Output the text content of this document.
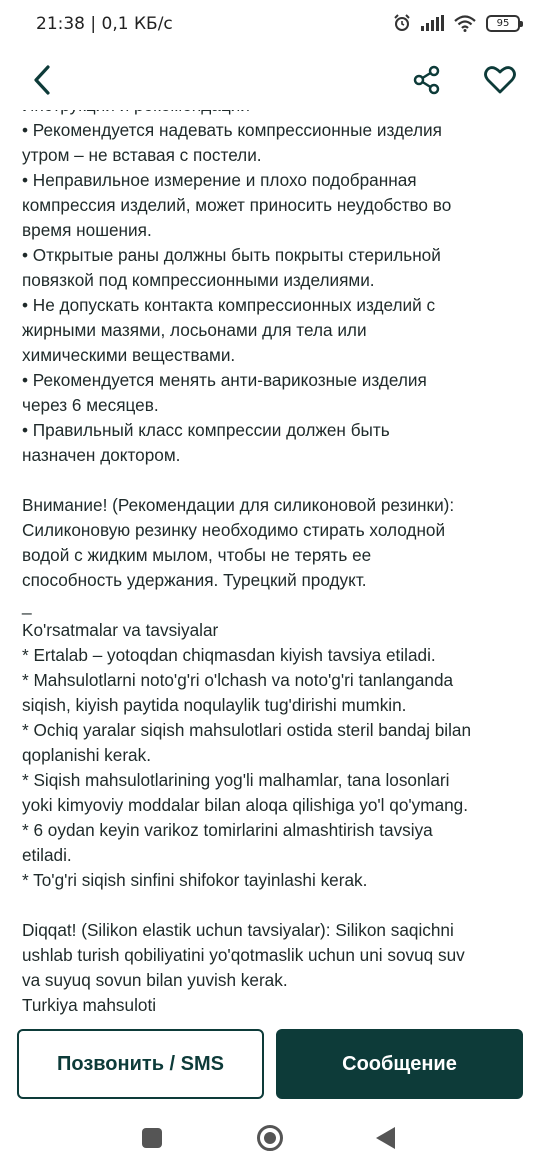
21:38 | 0,1 КБ/с	95
• Рекомендуется надевать компрессионные изделия
утром – не вставая с постели.
• Неправильное измерение и плохо подобранная
компрессия изделий, может приносить неудобство во
время ношения.
• Открытые раны должны быть покрыты стерильной
повязкой под компрессионными изделиями.
• Не допускать контакта компрессионных изделий с
жирными мазями, лосьонами для тела или
химическими веществами.
• Рекомендуется менять анти-варикозные изделия
через 6 месяцев.
• Правильный класс компрессии должен быть
назначен доктором.
Внимание! (Рекомендации для силиконовой резинки):
Силиконовую резинку необходимо стирать холодной
водой с жидким мылом, чтобы не терять ее
способность удержания. Турецкий продукт.
_
Ko'rsatmalar va tavsiyalar
* Ertalab – yotoqdan chiqmasdan kiyish tavsiya etiladi.
* Mahsulotlarni noto'g'ri o'lchash va noto'g'ri tanlanganda
siqish, kiyish paytida noqulaylik tug'dirishi mumkin.
* Ochiq yaralar siqish mahsulotlari ostida steril bandaj bilan
qoplanishi kerak.
* Siqish mahsulotlarining yog'li malhamlar, tana losonlari
yoki kimyoviy moddalar bilan aloqa qilishiga yo'l qo'ymang.
* 6 oydan keyin varikoz tomirlarini almashtirish tavsiya
etiladi.
* To'g'ri siqish sinfini shifokor tayinlashi kerak.
Diqqat! (Silikon elastik uchun tavsiyalar): Silikon saqichni
ushlab turish qobiliyatini yo'qotmaslik uchun uni sovuq suv
va suyuq sovun bilan yuvish kerak.
Turkiya mahsuloti
Позвонить / SMS	Сообщение
